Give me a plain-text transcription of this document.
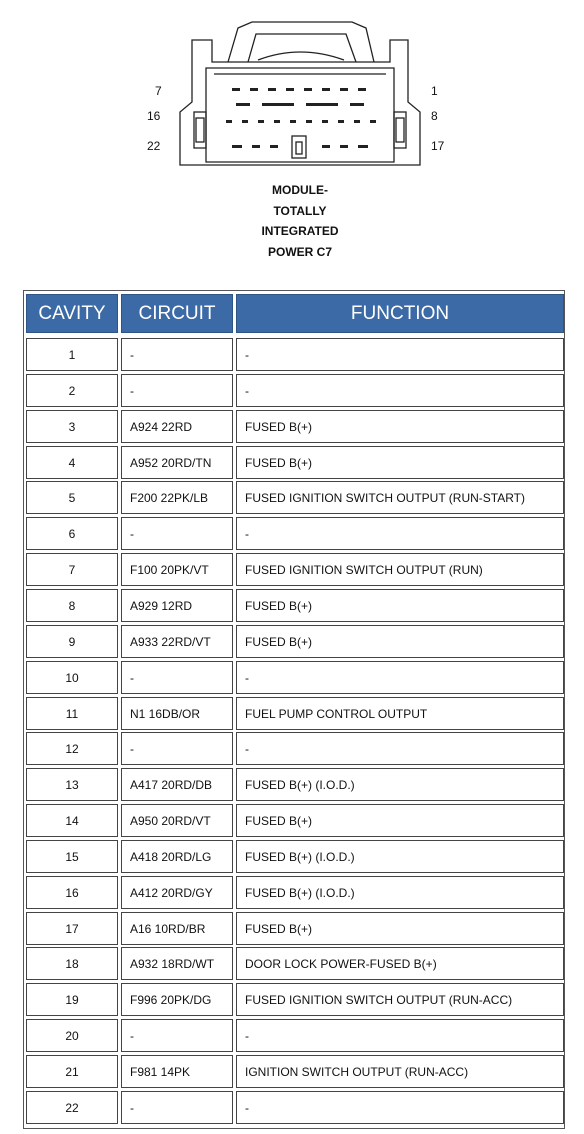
7
16
22
1
8
17
MODULE-
TOTALLY
INTEGRATED
POWER C7
CAVITY	CIRCUIT	FUNCTION
1	-	-
2	-	-
3	A924 22RD	FUSED B(+)
4	A952 20RD/TN	FUSED B(+)
5	F200 22PK/LB	FUSED IGNITION SWITCH OUTPUT (RUN-START)
6	-	-
7	F100 20PK/VT	FUSED IGNITION SWITCH OUTPUT (RUN)
8	A929 12RD	FUSED B(+)
9	A933 22RD/VT	FUSED B(+)
10	-	-
11	N1 16DB/OR	FUEL PUMP CONTROL OUTPUT
12	-	-
13	A417 20RD/DB	FUSED B(+) (I.O.D.)
14	A950 20RD/VT	FUSED B(+)
15	A418 20RD/LG	FUSED B(+) (I.O.D.)
16	A412 20RD/GY	FUSED B(+) (I.O.D.)
17	A16 10RD/BR	FUSED B(+)
18	A932 18RD/WT	DOOR LOCK POWER-FUSED B(+)
19	F996 20PK/DG	FUSED IGNITION SWITCH OUTPUT (RUN-ACC)
20	-	-
21	F981 14PK	IGNITION SWITCH OUTPUT (RUN-ACC)
22	-	-
